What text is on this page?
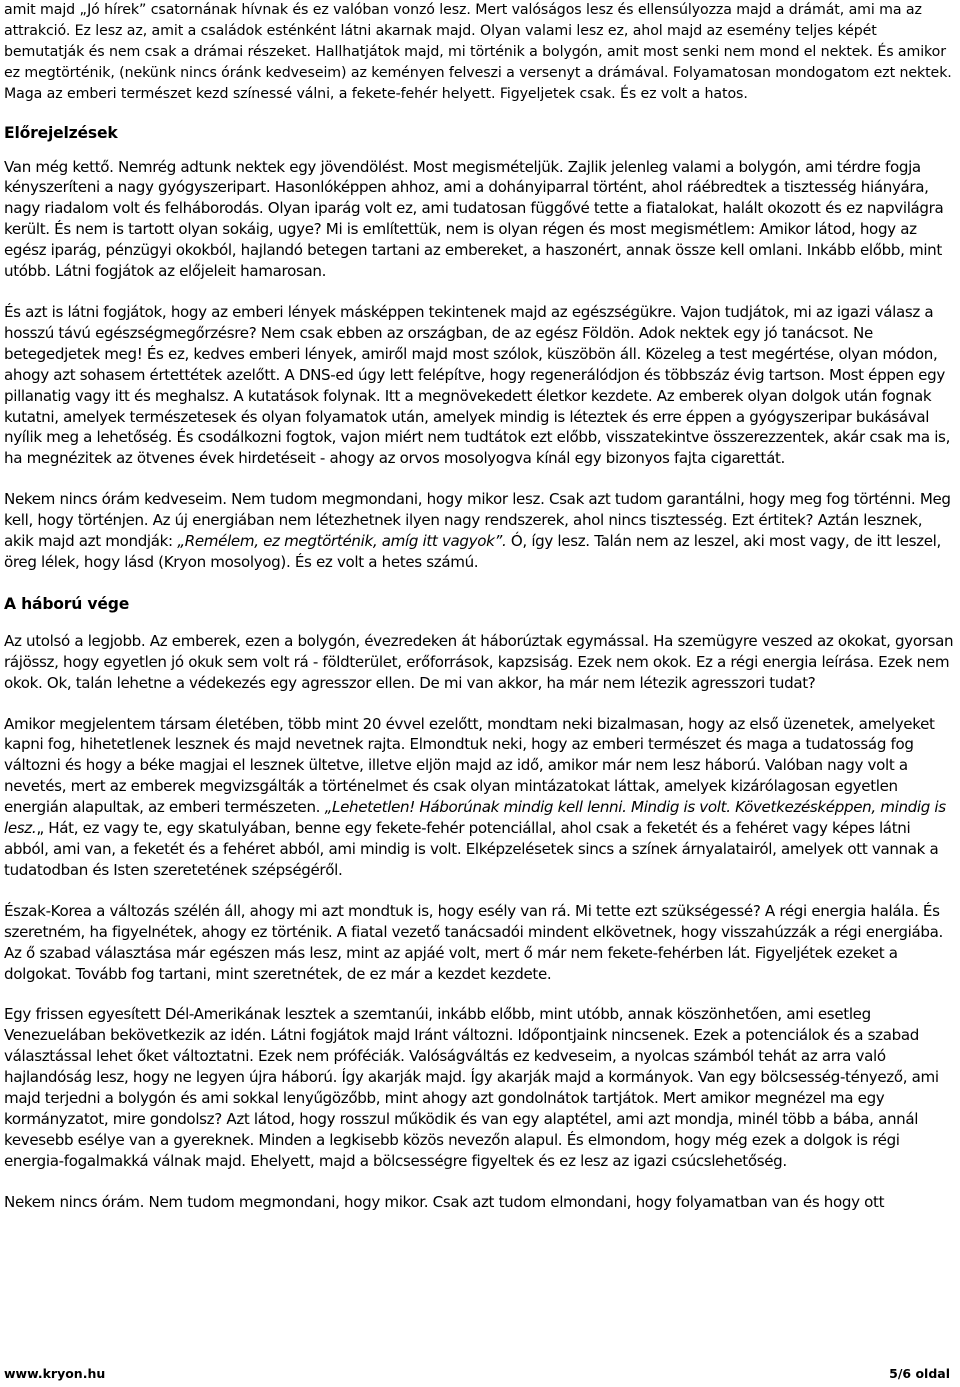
amit majd „Jó hírek” csatornának hívnak és ez valóban vonzó lesz. Mert valóságos lesz és ellensúlyozza majd a drámát, ami ma az attrakció. Ez lesz az, amit a családok esténként látni akarnak majd. Olyan valami lesz ez, ahol majd az esemény teljes képét bemutatják és nem csak a drámai részeket. Hallhatjátok majd, mi történik a bolygón, amit most senki nem mond el nektek. És amikor ez megtörténik, (nekünk nincs óránk kedveseim) az keményen felveszi a versenyt a drámával. Folyamatosan mondogatom ezt nektek. Maga az emberi természet kezd színessé válni, a fekete-fehér helyett. Figyeljetek csak. És ez volt a hatos.

Előrejelzések

Van még kettő. Nemrég adtunk nektek egy jövendölést. Most megismételjük. Zajlik jelenleg valami a bolygón, ami térdre fogja kényszeríteni a nagy gyógyszeripart. Hasonlóképpen ahhoz, ami a dohányiparral történt, ahol ráébredtek a tisztesség hiányára, nagy riadalom volt és felháborodás. Olyan iparág volt ez, ami tudatosan függővé tette a fiatalokat, halált okozott és ez napvilágra került. És nem is tartott olyan sokáig, ugye? Mi is említettük, nem is olyan régen és most megismétlem: Amikor látod, hogy az egész iparág, pénzügyi okokból, hajlandó betegen tartani az embereket, a haszonért, annak össze kell omlani. Inkább előbb, mint utóbb. Látni fogjátok az előjeleit hamarosan.

És azt is látni fogjátok, hogy az emberi lények másképpen tekintenek majd az egészségükre. Vajon tudjátok, mi az igazi válasz a hosszú távú egészségmegőrzésre? Nem csak ebben az országban, de az egész Földön. Adok nektek egy jó tanácsot. Ne betegedjetek meg! És ez, kedves emberi lények, amiről majd most szólok, küszöbön áll. Közeleg a test megértése, olyan módon, ahogy azt sohasem értettétek azelőtt. A DNS-ed úgy lett felépítve, hogy regenerálódjon és többszáz évig tartson. Most éppen egy pillanatig vagy itt és meghalsz. A kutatások folynak. Itt a megnövekedett életkor kezdete. Az emberek olyan dolgok után fognak kutatni, amelyek természetesek és olyan folyamatok után, amelyek mindig is léteztek és erre éppen a gyógyszeripar bukásával nyílik meg a lehetőség. És csodálkozni fogtok, vajon miért nem tudtátok ezt előbb, visszatekintve összerezzentek, akár csak ma is, ha megnézitek az ötvenes évek hirdetéseit - ahogy az orvos mosolyogva kínál egy bizonyos fajta cigarettát.

Nekem nincs órám kedveseim. Nem tudom megmondani, hogy mikor lesz. Csak azt tudom garantálni, hogy meg fog történni. Meg kell, hogy történjen. Az új energiában nem létezhetnek ilyen nagy rendszerek, ahol nincs tisztesség. Ezt értitek? Aztán lesznek, akik majd azt mondják: „Remélem, ez megtörténik, amíg itt vagyok”. Ó, így lesz. Talán nem az leszel, aki most vagy, de itt leszel, öreg lélek, hogy lásd (Kryon mosolyog). És ez volt a hetes számú.

A háború vége

Az utolsó a legjobb. Az emberek, ezen a bolygón, évezredeken át háborúztak egymással. Ha szemügyre veszed az okokat, gyorsan rájössz, hogy egyetlen jó okuk sem volt rá - földterület, erőforrások, kapzsiság. Ezek nem okok. Ez a régi energia leírása. Ezek nem okok. Ok, talán lehetne a védekezés egy agresszor ellen. De mi van akkor, ha már nem létezik agresszori tudat?

Amikor megjelentem társam életében, több mint 20 évvel ezelőtt, mondtam neki bizalmasan, hogy az első üzenetek, amelyeket kapni fog, hihetetlenek lesznek és majd nevetnek rajta. Elmondtuk neki, hogy az emberi természet és maga a tudatosság fog változni és hogy a béke magjai el lesznek ültetve, illetve eljön majd az idő, amikor már nem lesz háború. Valóban nagy volt a nevetés, mert az emberek megvizsgálták a történelmet és csak olyan mintázatokat láttak, amelyek kizárólagosan egyetlen energián alapultak, az emberi természeten. „Lehetetlen! Háborúnak mindig kell lenni. Mindig is volt. Következésképpen, mindig is lesz.„ Hát, ez vagy te, egy skatulyában, benne egy fekete-fehér potenciállal, ahol csak a feketét és a fehéret vagy képes látni abból, ami van, a feketét és a fehéret abból, ami mindig is volt. Elképzelésetek sincs a színek árnyalatairól, amelyek ott vannak a tudatodban és Isten szeretetének szépségéről.

Észak-Korea a változás szélén áll, ahogy mi azt mondtuk is, hogy esély van rá. Mi tette ezt szükségessé? A régi energia halála. És szeretném, ha figyelnétek, ahogy ez történik. A fiatal vezető tanácsadói mindent elkövetnek, hogy visszahúzzák a régi energiába. Az ő szabad választása már egészen más lesz, mint az apjáé volt, mert ő már nem fekete-fehérben lát. Figyeljétek ezeket a dolgokat. Tovább fog tartani, mint szeretnétek, de ez már a kezdet kezdete.

Egy frissen egyesített Dél-Amerikának lesztek a szemtanúi, inkább előbb, mint utóbb, annak köszönhetően, ami esetleg Venezuelában bekövetkezik az idén. Látni fogjátok majd Iránt változni. Időpontjaink nincsenek. Ezek a potenciálok és a szabad választással lehet őket változtatni. Ezek nem próféciák. Valóságváltás ez kedveseim, a nyolcas számból tehát az arra való hajlandóság lesz, hogy ne legyen újra háború. Így akarják majd. Így akarják majd a kormányok. Van egy bölcsesség-tényező, ami majd terjedni a bolygón és ami sokkal lenyűgözőbb, mint ahogy azt gondolnátok tartjátok. Mert amikor megnézel ma egy kormányzatot, mire gondolsz? Azt látod, hogy rosszul működik és van egy alaptétel, ami azt mondja, minél több a bába, annál kevesebb esélye van a gyereknek. Minden a legkisebb közös nevezőn alapul. És elmondom, hogy még ezek a dolgok is régi energia-fogalmakká válnak majd. Ehelyett, majd a bölcsességre figyeltek és ez lesz az igazi csúcslehetőség.

Nekem nincs órám. Nem tudom megmondani, hogy mikor. Csak azt tudom elmondani, hogy folyamatban van és hogy ott

www.kryon.hu	5/6 oldal
